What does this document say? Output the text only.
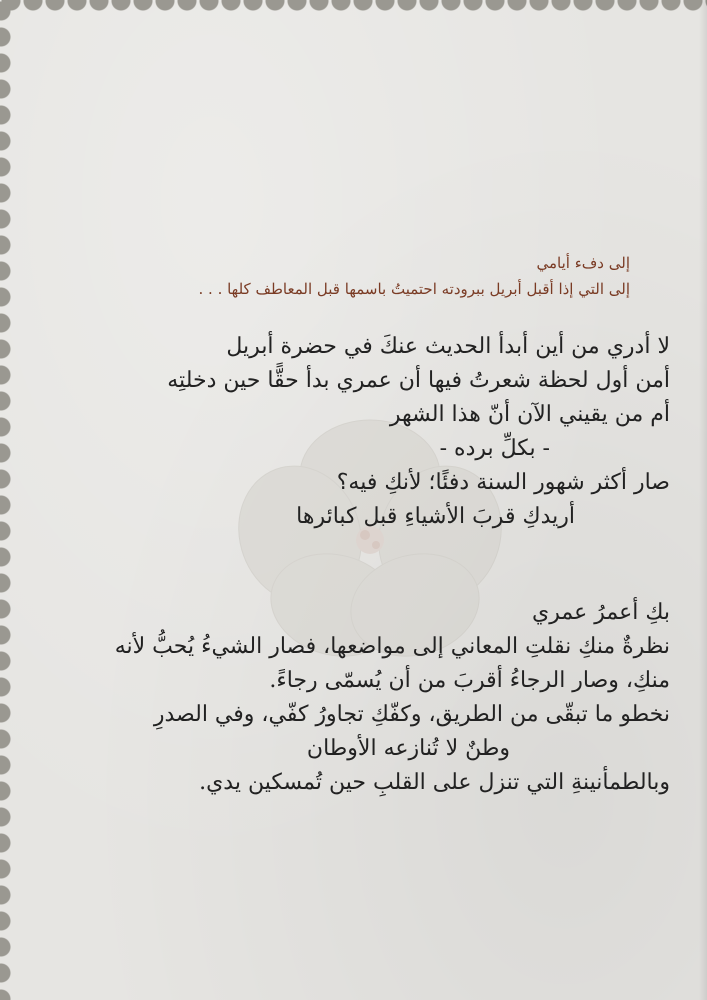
إلى دفء أيامي
إلى التي إذا أقبل أبريل ببرودته احتميتُ باسمها قبل المعاطف كلها . . .
لا أدري من أين أبدأ الحديث عنكَ في حضرة أبريل
أمن أول لحظة شعرتُ فيها أن عمري بدأ حقًّا حين دخلتِه
أم من يقيني الآن أنّ هذا الشهر
- بكلِّ برده -
صار أكثر شهور السنة دفئًا؛ لأنكِ فيه؟
أريدكِ قربَ الأشياءِ قبل كبائرها
بكِ أعمرُ عمري
نظرةٌ منكِ نقلتِ المعاني إلى مواضعها، فصار الشيءُ يُحبُّ لأنه
منكِ، وصار الرجاءُ أقربَ من أن يُسمّى رجاءً.
نخطو ما تبقّى من الطريق، وكفّكِ تجاورُ كفّي، وفي الصدرِ
وطنٌ لا تُنازعه الأوطان
وبالطمأنينةِ التي تنزل على القلبِ حين تُمسكين يدي.
